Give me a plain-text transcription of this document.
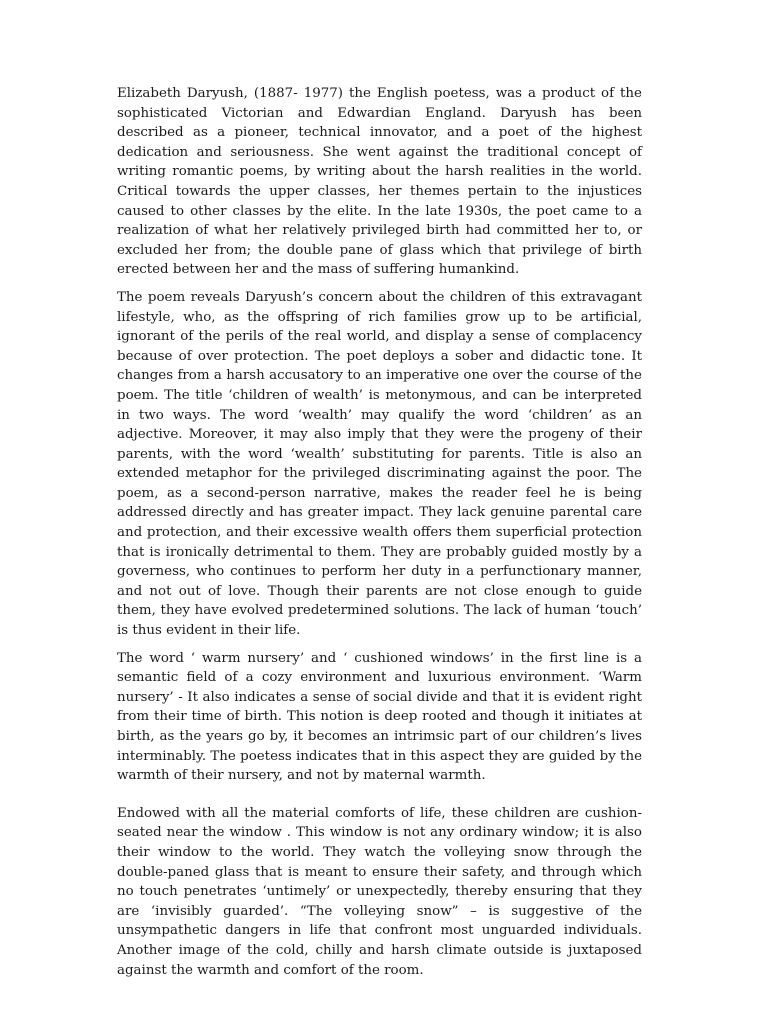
Elizabeth Daryush, (1887- 1977) the English poetess, was a product of the sophisticated Victorian and Edwardian England. Daryush has been described as a pioneer, technical innovator, and a poet of the highest dedication and seriousness. She went against the traditional concept of writing romantic poems, by writing about the harsh realities in the world. Critical towards the upper classes, her themes pertain to the injustices caused to other classes by the elite. In the late 1930s, the poet came to a realization of what her relatively privileged birth had committed her to, or excluded her from; the double pane of glass which that privilege of birth erected between her and the mass of suffering humankind.

The poem reveals Daryush’s concern about the children of this extravagant lifestyle, who, as the offspring of rich families grow up to be artificial, ignorant of the perils of the real world, and display a sense of complacency because of over protection. The poet deploys a sober and didactic tone. It changes from a harsh accusatory to an imperative one over the course of the poem. The title ‘children of wealth’ is metonymous, and can be interpreted in two ways. The word ‘wealth’ may qualify the word ‘children’ as an adjective. Moreover, it may also imply that they were the progeny of their parents, with the word ‘wealth’ substituting for parents. Title is also an extended metaphor for the privileged discriminating against the poor. The poem, as a second-person narrative, makes the reader feel he is being addressed directly and has greater impact. They lack genuine parental care and protection, and their excessive wealth offers them superficial protection that is ironically detrimental to them. They are probably guided mostly by a governess, who continues to perform her duty in a perfunctionary manner, and not out of love. Though their parents are not close enough to guide them, they have evolved predetermined solutions. The lack of human ‘touch’ is thus evident in their life.

The word ‘ warm nursery’ and ‘ cushioned windows’ in the first line is a semantic field of a cozy environment and luxurious environment. ‘Warm nursery’ - It also indicates a sense of social divide and that it is evident right from their time of birth. This notion is deep rooted and though it initiates at birth, as the years go by, it becomes an intrimsic part of our children’s lives interminably. The poetess indicates that in this aspect they are guided by the warmth of their nursery, and not by maternal warmth.

Endowed with all the material comforts of life, these children are cushion-seated near the window . This window is not any ordinary window; it is also their window to the world. They watch the volleying snow through the double-paned glass that is meant to ensure their safety, and through which no touch penetrates ‘untimely’ or unexpectedly, thereby ensuring that they are ‘invisibly guarded’. “The volleying snow” – is suggestive of the unsympathetic dangers in life that confront most unguarded individuals. Another image of the cold, chilly and harsh climate outside is juxtaposed against the warmth and comfort of the room.
